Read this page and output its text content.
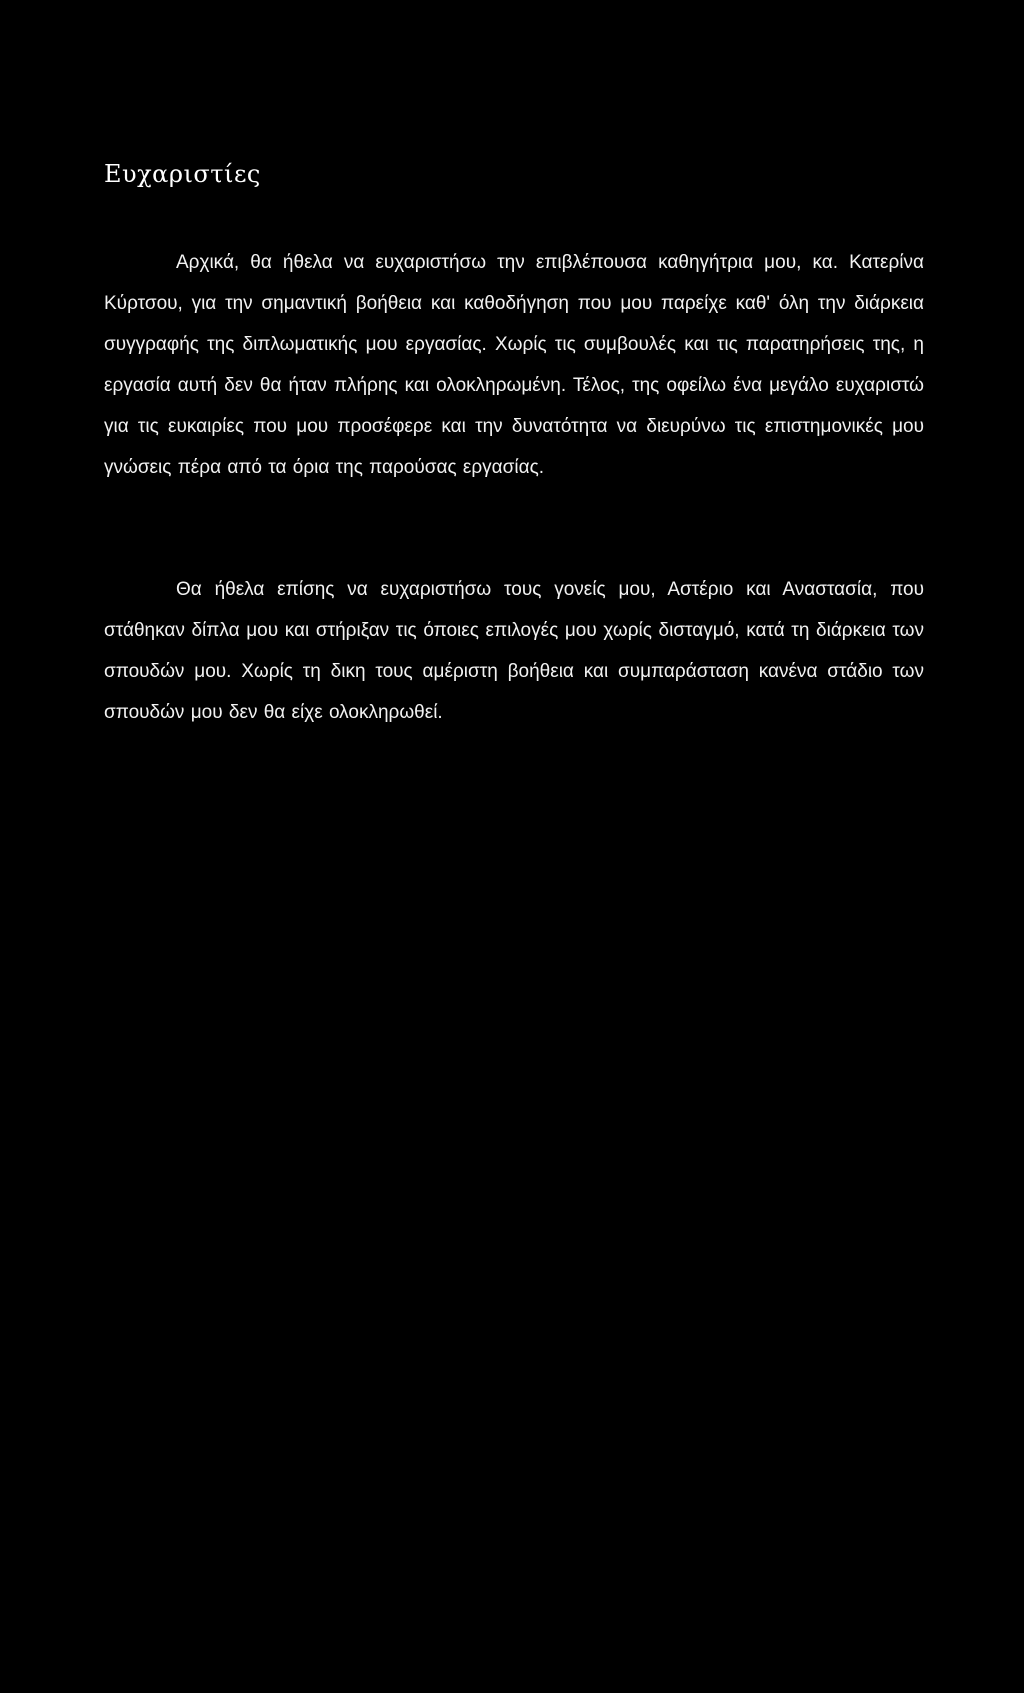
Ευχαριστίες

Αρχικά, θα ήθελα να ευχαριστήσω την επιβλέπουσα καθηγήτρια μου, κα. Κατερίνα Κύρτσου, για την σημαντική βοήθεια και καθοδήγηση που μου παρείχε καθ' όλη την διάρκεια συγγραφής της διπλωματικής μου εργασίας. Χωρίς τις συμβουλές και τις παρατηρήσεις της, η εργασία αυτή δεν θα ήταν πλήρης και ολοκληρωμένη. Τέλος, της οφείλω ένα μεγάλο ευχαριστώ για τις ευκαιρίες που μου προσέφερε και την δυνατότητα να διευρύνω τις επιστημονικές μου γνώσεις πέρα από τα όρια της παρούσας εργασίας.

Θα ήθελα επίσης να ευχαριστήσω τους γονείς μου, Αστέριο και Αναστασία, που στάθηκαν δίπλα μου και στήριξαν τις όποιες επιλογές μου χωρίς δισταγμό, κατά τη διάρκεια των σπουδών μου. Χωρίς τη δικη τους αμέριστη βοήθεια και συμπαράσταση κανένα στάδιο των σπουδών μου δεν θα είχε ολοκληρωθεί.
